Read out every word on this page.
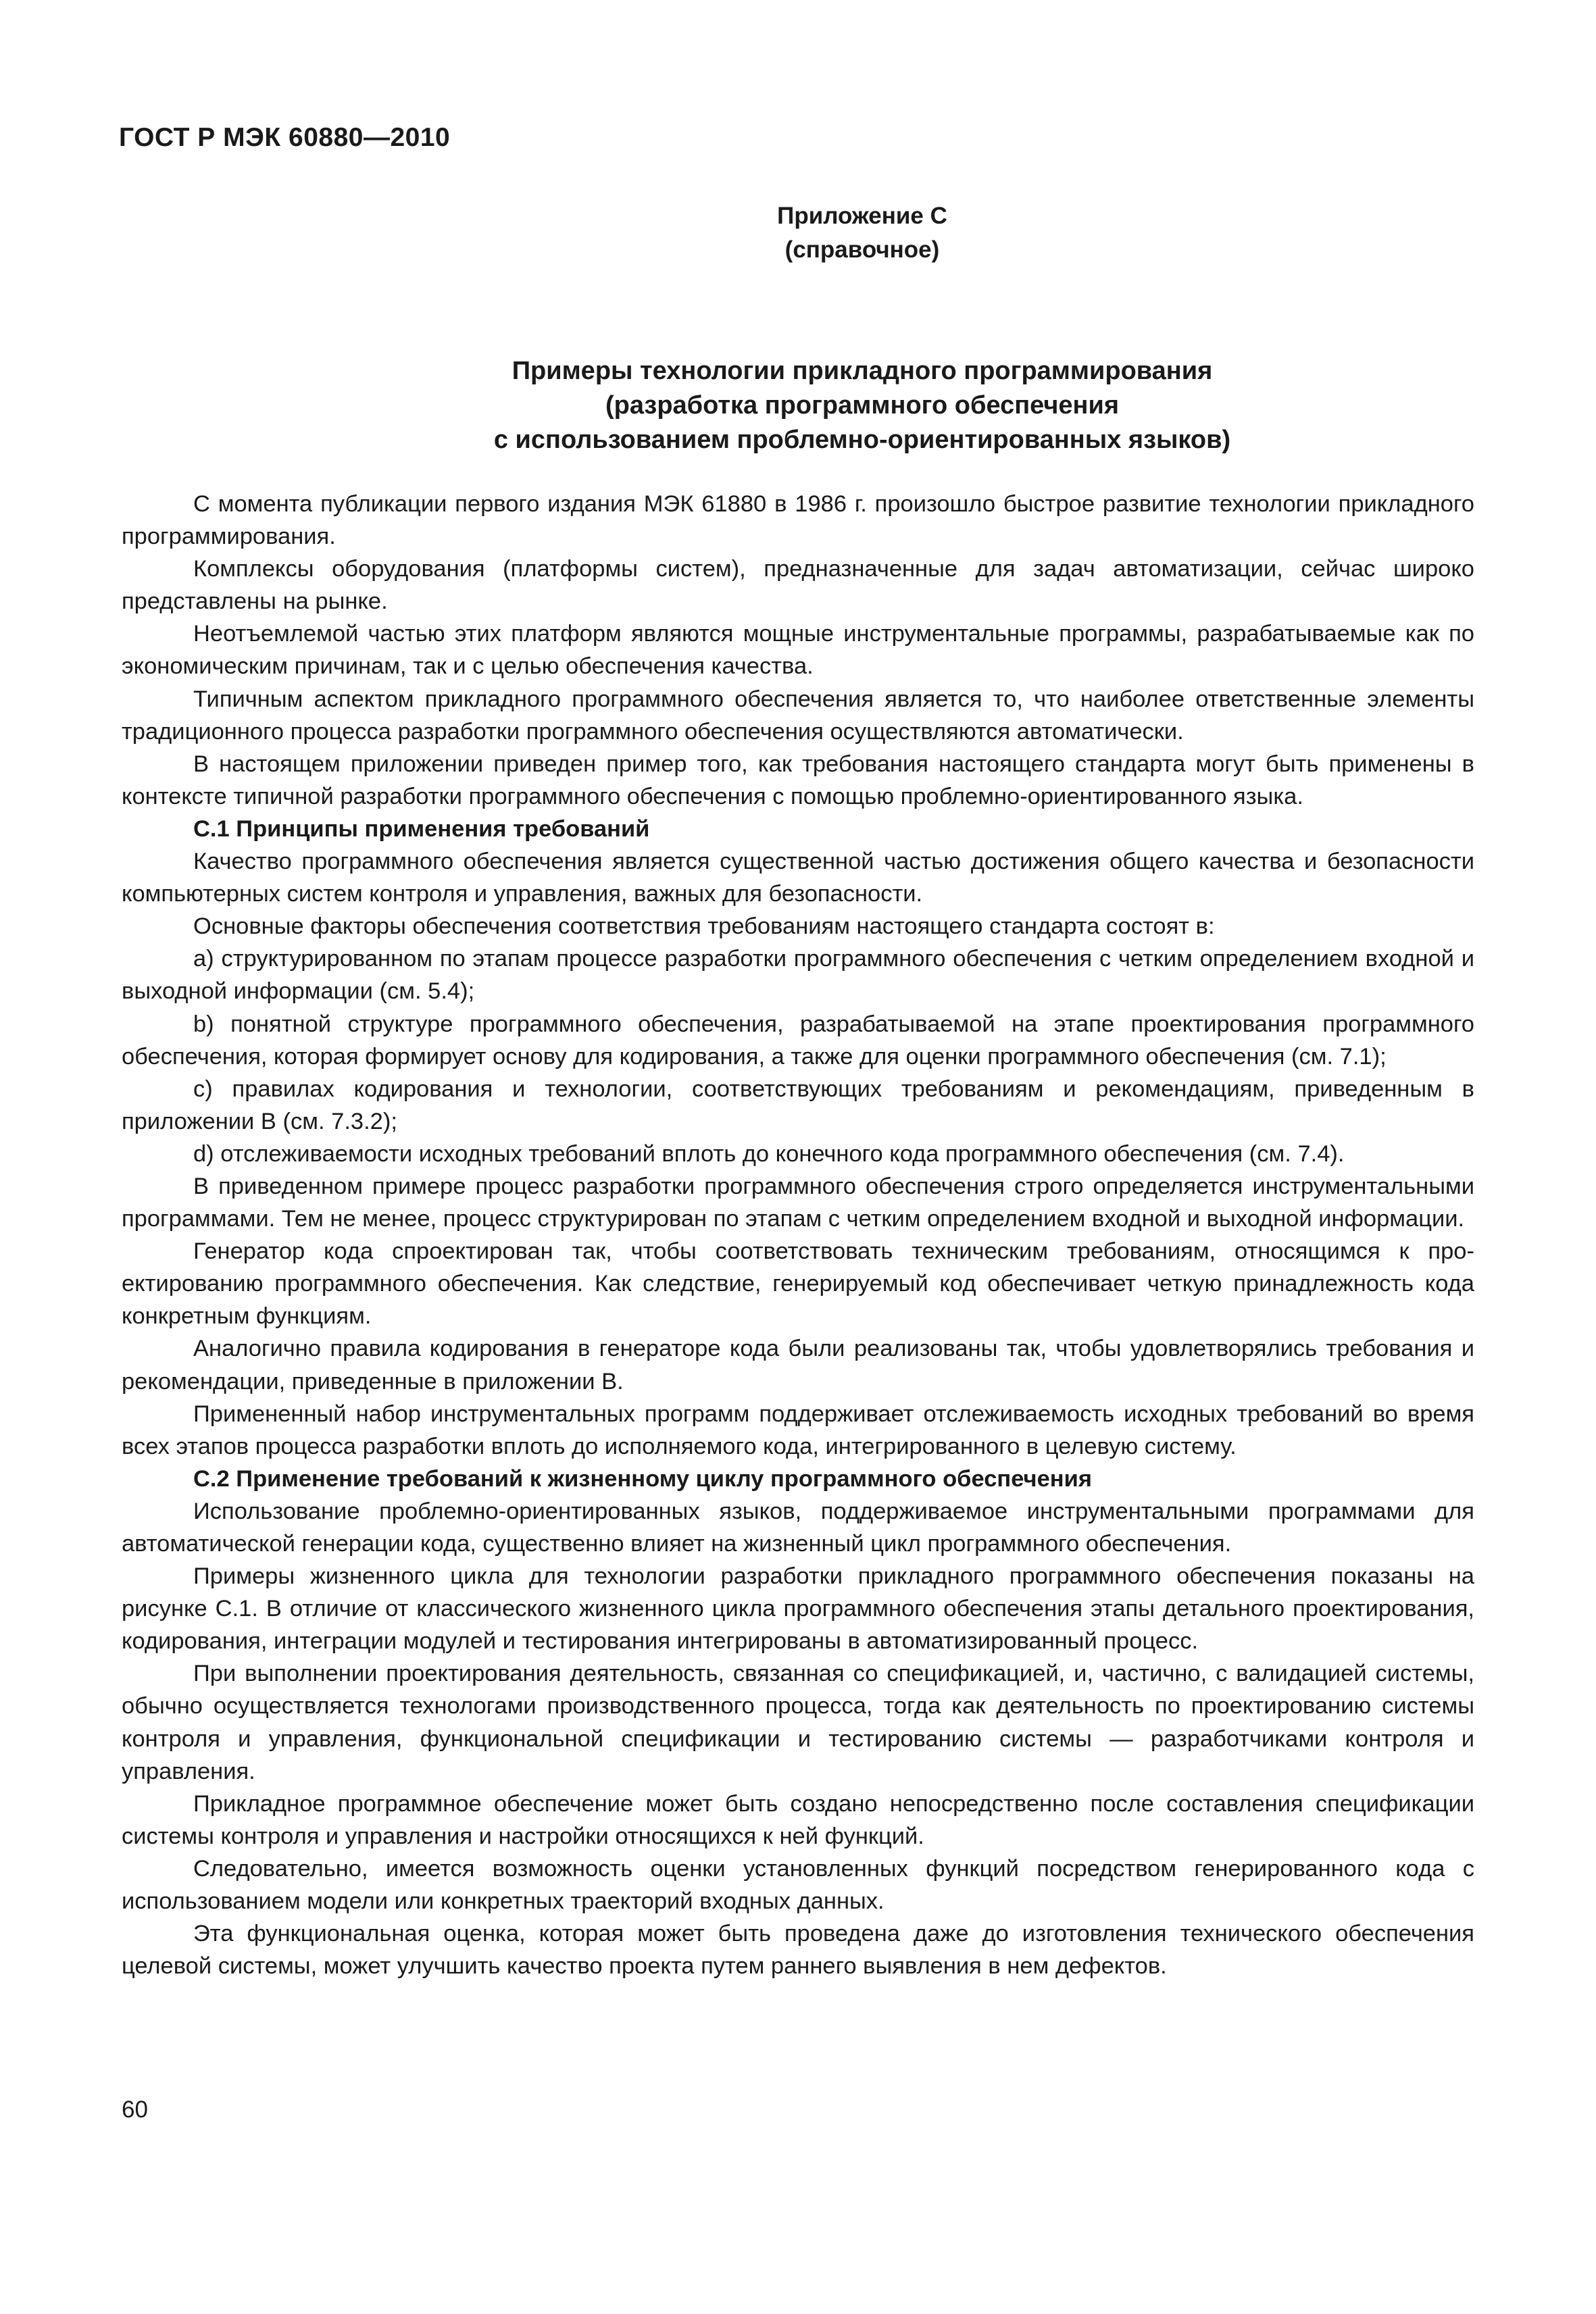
ГОСТ Р МЭК 60880—2010
Приложение С
(справочное)
Примеры технологии прикладного программирования
(разработка программного обеспечения
с использованием проблемно-ориентированных языков)

С момента публикации первого издания МЭК 61880 в 1986 г. произошло быстрое развитие технологии прикладного программирования.

Комплексы оборудования (платформы систем), предназначенные для задач автоматизации, сейчас широко представлены на рынке.

Неотъемлемой частью этих платформ являются мощные инструментальные программы, разрабатываемые как по экономическим причинам, так и с целью обеспечения качества.

Типичным аспектом прикладного программного обеспечения является то, что наиболее ответственные элементы традиционного процесса разработки программного обеспечения осуществляются автоматически.

В настоящем приложении приведен пример того, как требования настоящего стандарта могут быть применены в контексте типичной разработки программного обеспечения с помощью проблемно-ориентированного языка.

С.1 Принципы применения требований

Качество программного обеспечения является существенной частью достижения общего качества и безопасности компьютерных систем контроля и управления, важных для безопасности.

Основные факторы обеспечения соответствия требованиям настоящего стандарта состоят в:

a) структурированном по этапам процессе разработки программного обеспечения с четким определением входной и выходной информации (см. 5.4);

b) понятной структуре программного обеспечения, разрабатываемой на этапе проектирования программного обеспечения, которая формирует основу для кодирования, а также для оценки программного обеспечения (см. 7.1);

c) правилах кодирования и технологии, соответствующих требованиям и рекомендациям, приведенным в приложении В (см. 7.3.2);

d) отслеживаемости исходных требований вплоть до конечного кода программного обеспечения (см. 7.4).

В приведенном примере процесс разработки программного обеспечения строго определяется инструментальными программами. Тем не менее, процесс структурирован по этапам с четким определением входной и выходной информации.

Генератор кода спроектирован так, чтобы соответствовать техническим требованиям, относящимся к проектированию программного обеспечения. Как следствие, генерируемый код обеспечивает четкую принадлежность кода конкретным функциям.

Аналогично правила кодирования в генераторе кода были реализованы так, чтобы удовлетворялись требования и рекомендации, приведенные в приложении В.

Примененный набор инструментальных программ поддерживает отслеживаемость исходных требований во время всех этапов процесса разработки вплоть до исполняемого кода, интегрированного в целевую систему.

С.2 Применение требований к жизненному циклу программного обеспечения

Использование проблемно-ориентированных языков, поддерживаемое инструментальными программами для автоматической генерации кода, существенно влияет на жизненный цикл программного обеспечения.

Примеры жизненного цикла для технологии разработки прикладного программного обеспечения показаны на рисунке С.1. В отличие от классического жизненного цикла программного обеспечения этапы детального проектирования, кодирования, интеграции модулей и тестирования интегрированы в автоматизированный процесс.

При выполнении проектирования деятельность, связанная со спецификацией, и, частично, с валидацией системы, обычно осуществляется технологами производственного процесса, тогда как деятельность по проектированию системы контроля и управления, функциональной спецификации и тестированию системы — разработчиками контроля и управления.

Прикладное программное обеспечение может быть создано непосредственно после составления спецификации системы контроля и управления и настройки относящихся к ней функций.

Следовательно, имеется возможность оценки установленных функций посредством генерированного кода с использованием модели или конкретных траекторий входных данных.

Эта функциональная оценка, которая может быть проведена даже до изготовления технического обеспечения целевой системы, может улучшить качество проекта путем раннего выявления в нем дефектов.

60
